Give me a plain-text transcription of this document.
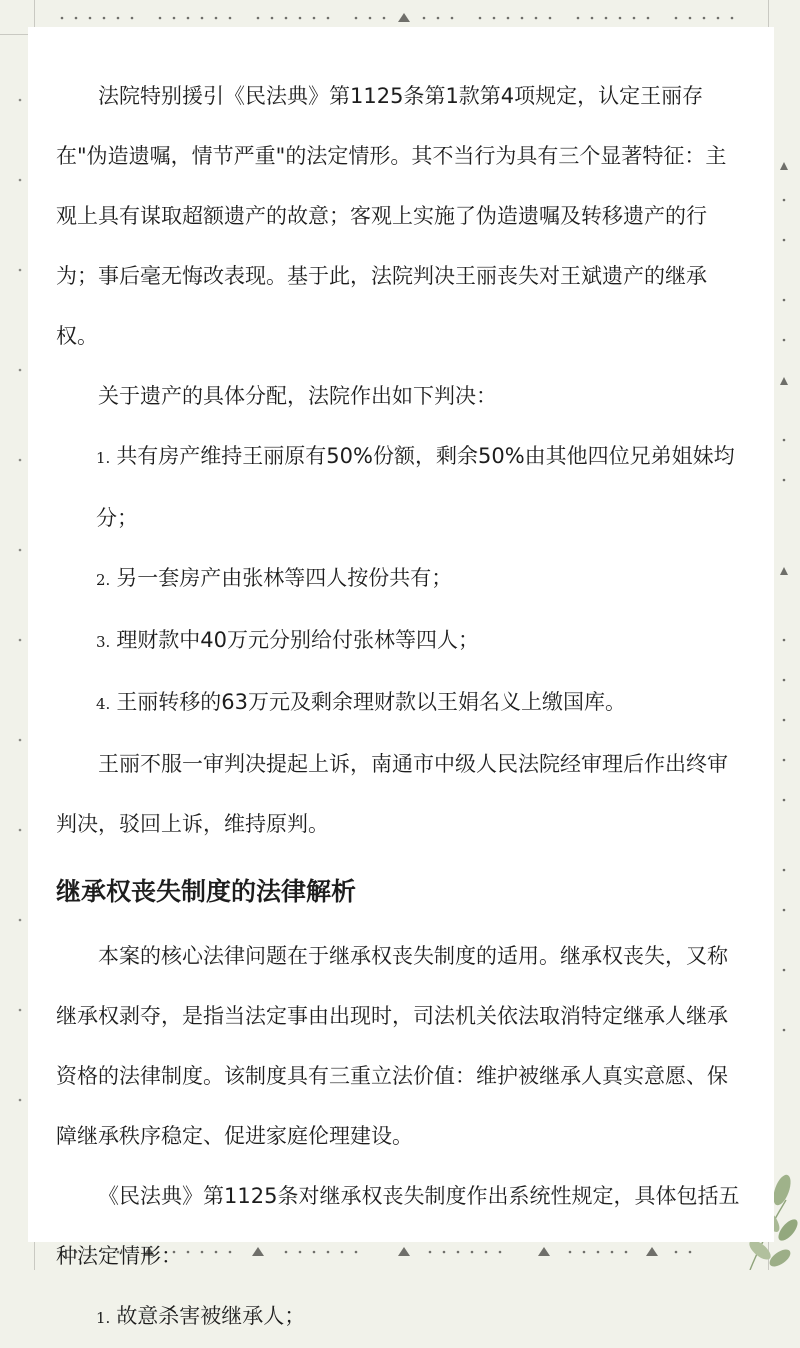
法院特别援引《民法典》第1125条第1款第4项规定，认定王丽存在"伪造遗嘱，情节严重"的法定情形。其不当行为具有三个显著特征：主观上具有谋取超额遗产的故意；客观上实施了伪造遗嘱及转移遗产的行为；事后毫无悔改表现。基于此，法院判决王丽丧失对王斌遗产的继承权。

关于遗产的具体分配，法院作出如下判决：

1. 共有房产维持王丽原有50%份额，剩余50%由其他四位兄弟姐妹均分；

2. 另一套房产由张林等四人按份共有；

3. 理财款中40万元分别给付张林等四人；

4. 王丽转移的63万元及剩余理财款以王娟名义上缴国库。

王丽不服一审判决提起上诉，南通市中级人民法院经审理后作出终审判决，驳回上诉，维持原判。

继承权丧失制度的法律解析

本案的核心法律问题在于继承权丧失制度的适用。继承权丧失，又称继承权剥夺，是指当法定事由出现时，司法机关依法取消特定继承人继承资格的法律制度。该制度具有三重立法价值：维护被继承人真实意愿、保障继承秩序稳定、促进家庭伦理建设。

《民法典》第1125条对继承权丧失制度作出系统性规定，具体包括五种法定情形：

1. 故意杀害被继承人；
